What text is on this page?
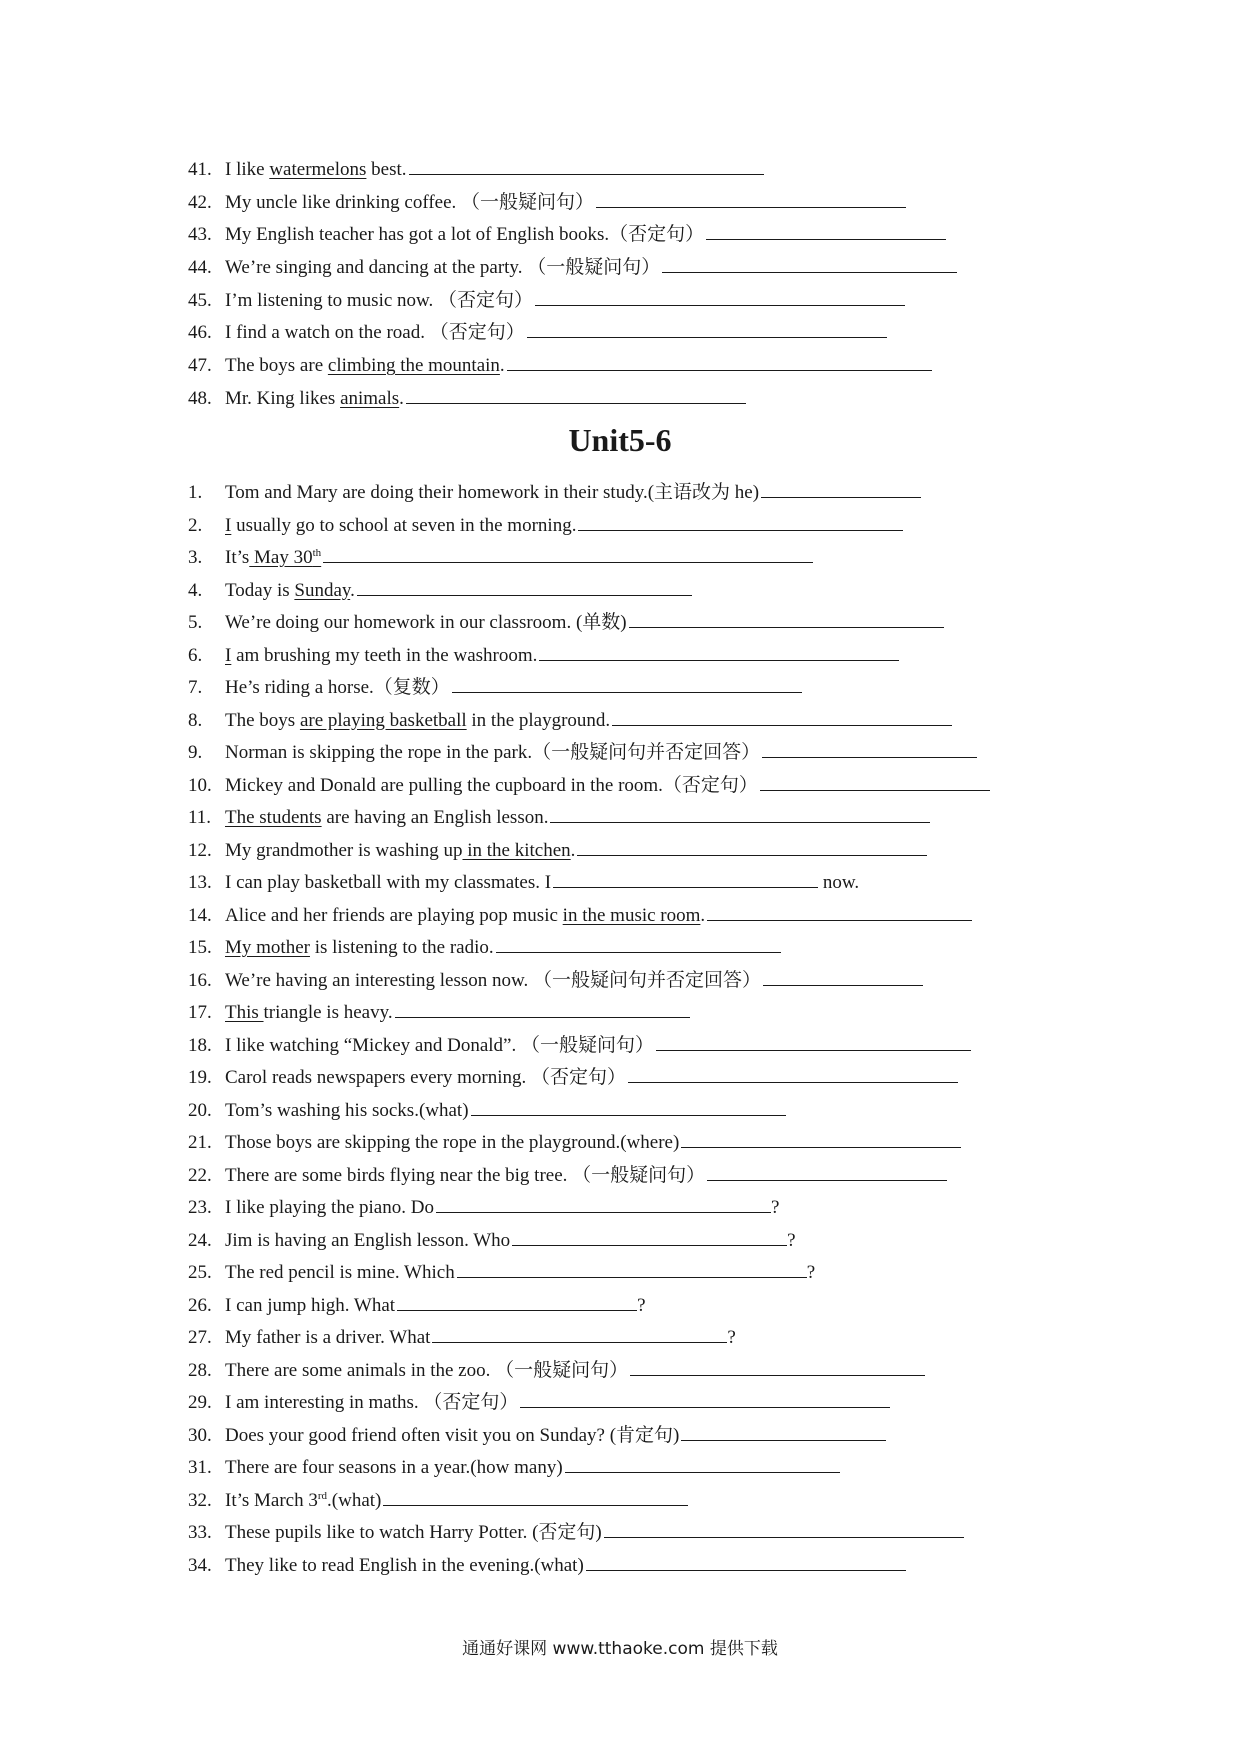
41. I like watermelons best.
42. My uncle like drinking coffee. （一般疑问句）
43. My English teacher has got a lot of English books.（否定句）
44. We’re singing and dancing at the party. （一般疑问句）
45. I’m listening to music now. （否定句）
46. I find a watch on the road. （否定句）
47. The boys are climbing the mountain.
48. Mr. King likes animals.
Unit5-6
1. Tom and Mary are doing their homework in their study.(主语改为 he)
2. I usually go to school at seven in the morning.
3. It’s May 30th
4. Today is Sunday.
5. We’re doing our homework in our classroom. (单数)
6. I am brushing my teeth in the washroom.
7. He’s riding a horse.（复数）
8. The boys are playing basketball in the playground.
9. Norman is skipping the rope in the park.（一般疑问句并否定回答）
10. Mickey and Donald are pulling the cupboard in the room.（否定句）
11. The students are having an English lesson.
12. My grandmother is washing up in the kitchen.
13. I can play basketball with my classmates. I	now.
14. Alice and her friends are playing pop music in the music room.
15. My mother is listening to the radio.
16. We’re having an interesting lesson now. （一般疑问句并否定回答）
17. This triangle is heavy.
18. I like watching “Mickey and Donald”. （一般疑问句）
19. Carol reads newspapers every morning. （否定句）
20. Tom’s washing his socks.(what)
21. Those boys are skipping the rope in the playground.(where)
22. There are some birds flying near the big tree. （一般疑问句）
23. I like playing the piano. Do	?
24. Jim is having an English lesson. Who	?
25. The red pencil is mine. Which	?
26. I can jump high. What	?
27. My father is a driver. What	?
28. There are some animals in the zoo. （一般疑问句）
29. I am interesting in maths. （否定句）
30. Does your good friend often visit you on Sunday? (肯定句)
31. There are four seasons in a year.(how many)
32. It’s March 3rd.(what)
33. These pupils like to watch Harry Potter. (否定句)
34. They like to read English in the evening.(what)
通通好课网 www.tthaoke.com 提供下载
